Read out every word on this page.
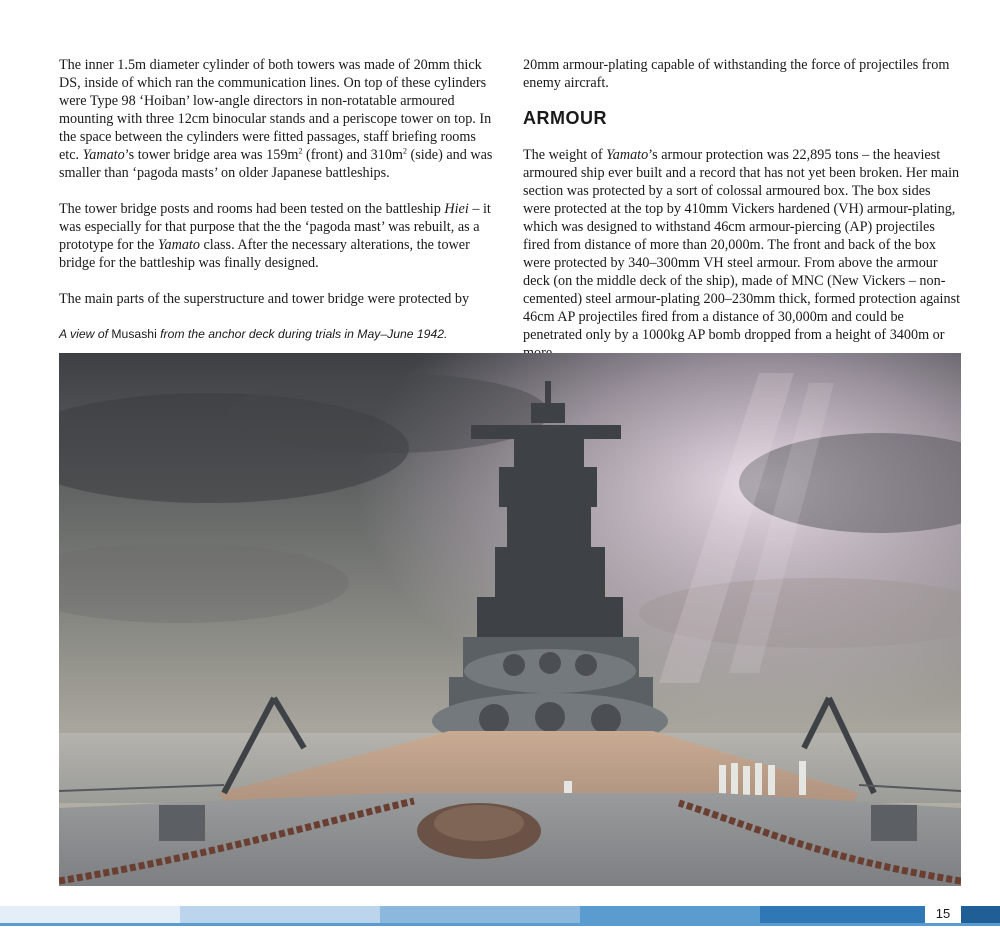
The inner 1.5m diameter cylinder of both towers was made of 20mm thick DS, inside of which ran the communication lines. On top of these cylinders were Type 98 ‘Hoiban’ low-angle directors in non-rotatable armoured mounting with three 12cm binocular stands and a periscope tower on top. In the space between the cylinders were fitted passages, staff briefing rooms etc. Yamato’s tower bridge area was $159m^2$ (front) and $310m^2$ (side) and was smaller than ‘pagoda masts’ on older Japanese battleships.

The tower bridge posts and rooms had been tested on the battleship Hiei – it was especially for that purpose that the the ‘pagoda mast’ was rebuilt, as a prototype for the Yamato class. After the necessary alterations, the tower bridge for the battleship was finally designed.

The main parts of the superstructure and tower bridge were protected by

A view of Musashi from the anchor deck during trials in May–June 1942.

20mm armour-plating capable of withstanding the force of projectiles from enemy aircraft.

ARMOUR

The weight of Yamato’s armour protection was 22,895 tons – the heaviest armoured ship ever built and a record that has not yet been broken. Her main section was protected by a sort of colossal armoured box. The box sides were protected at the top by 410mm Vickers hardened (VH) armour-plating, which was designed to withstand 46cm armour-piercing (AP) projectiles fired from distance of more than 20,000m. The front and back of the box were protected by 340–300mm VH steel armour. From above the armour deck (on the middle deck of the ship), made of MNC (New Vickers – non-cemented) steel armour-plating 200–230mm thick, formed protection against 46cm AP projectiles fired from a distance of 30,000m and could be penetrated only by a 1000kg AP bomb dropped from a height of 3400m or

15
